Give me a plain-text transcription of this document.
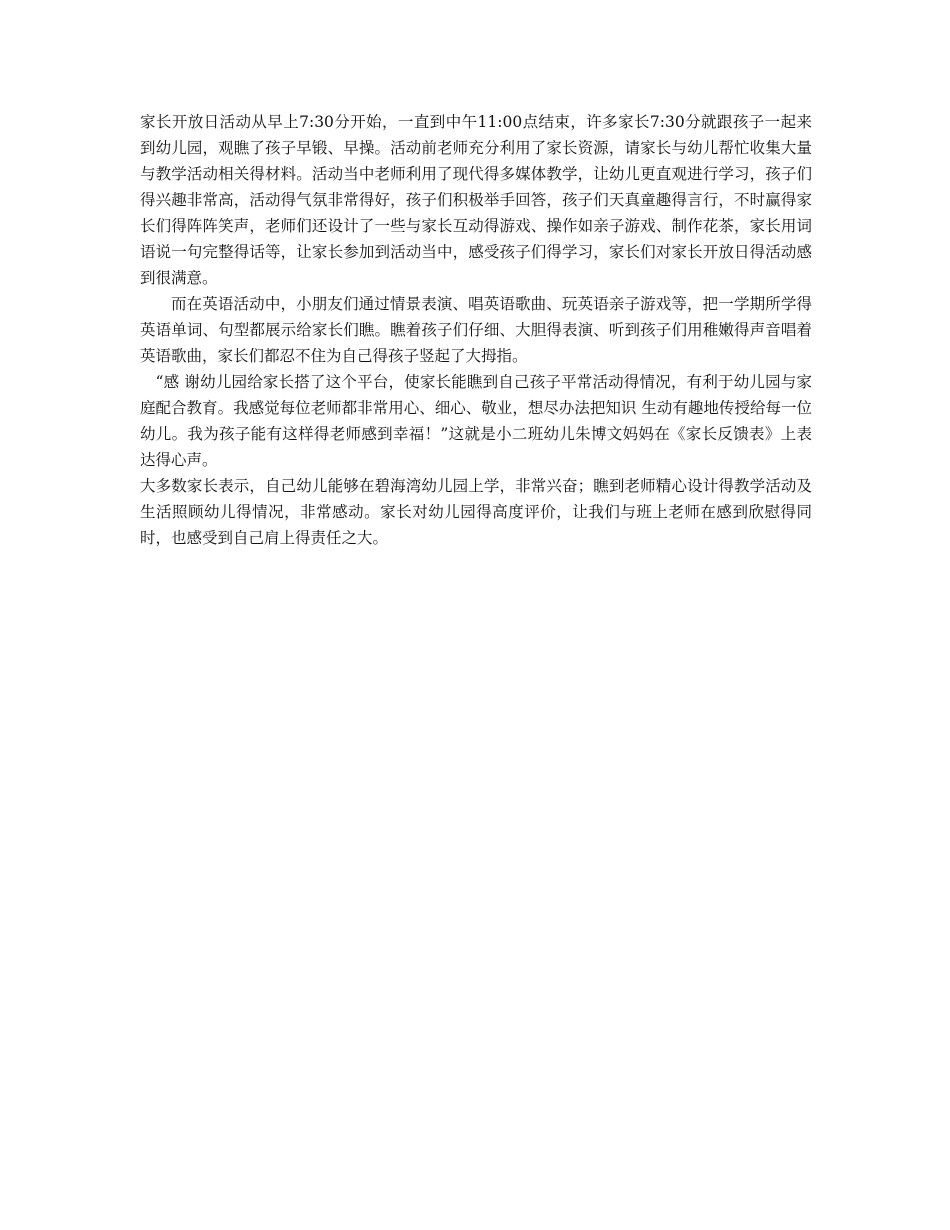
家长开放日活动从早上7:30分开始，一直到中午11:00点结束，许多家长7:30分就跟孩子一起来到幼儿园，观瞧了孩子早锻、早操。活动前老师充分利用了家长资源，请家长与幼儿帮忙收集大量与教学活动相关得材料。活动当中老师利用了现代得多媒体教学，让幼儿更直观进行学习，孩子们得兴趣非常高，活动得气氛非常得好，孩子们积极举手回答，孩子们天真童趣得言行，不时赢得家长们得阵阵笑声，老师们还设计了一些与家长互动得游戏、操作如亲子游戏、制作花茶，家长用词语说一句完整得话等，让家长参加到活动当中，感受孩子们得学习，家长们对家长开放日得活动感到很满意。

而在英语活动中，小朋友们通过情景表演、唱英语歌曲、玩英语亲子游戏等，把一学期所学得英语单词、句型都展示给家长们瞧。瞧着孩子们仔细、大胆得表演、听到孩子们用稚嫩得声音唱着英语歌曲，家长们都忍不住为自己得孩子竖起了大拇指。

“感 谢幼儿园给家长搭了这个平台，使家长能瞧到自己孩子平常活动得情况，有利于幼儿园与家庭配合教育。我感觉每位老师都非常用心、细心、敬业，想尽办法把知识 生动有趣地传授给每一位幼儿。我为孩子能有这样得老师感到幸福！”这就是小二班幼儿朱博文妈妈在《家长反馈表》上表达得心声。

大多数家长表示，自己幼儿能够在碧海湾幼儿园上学，非常兴奋；瞧到老师精心设计得教学活动及生活照顾幼儿得情况，非常感动。家长对幼儿园得高度评价，让我们与班上老师在感到欣慰得同时，也感受到自己肩上得责任之大。
